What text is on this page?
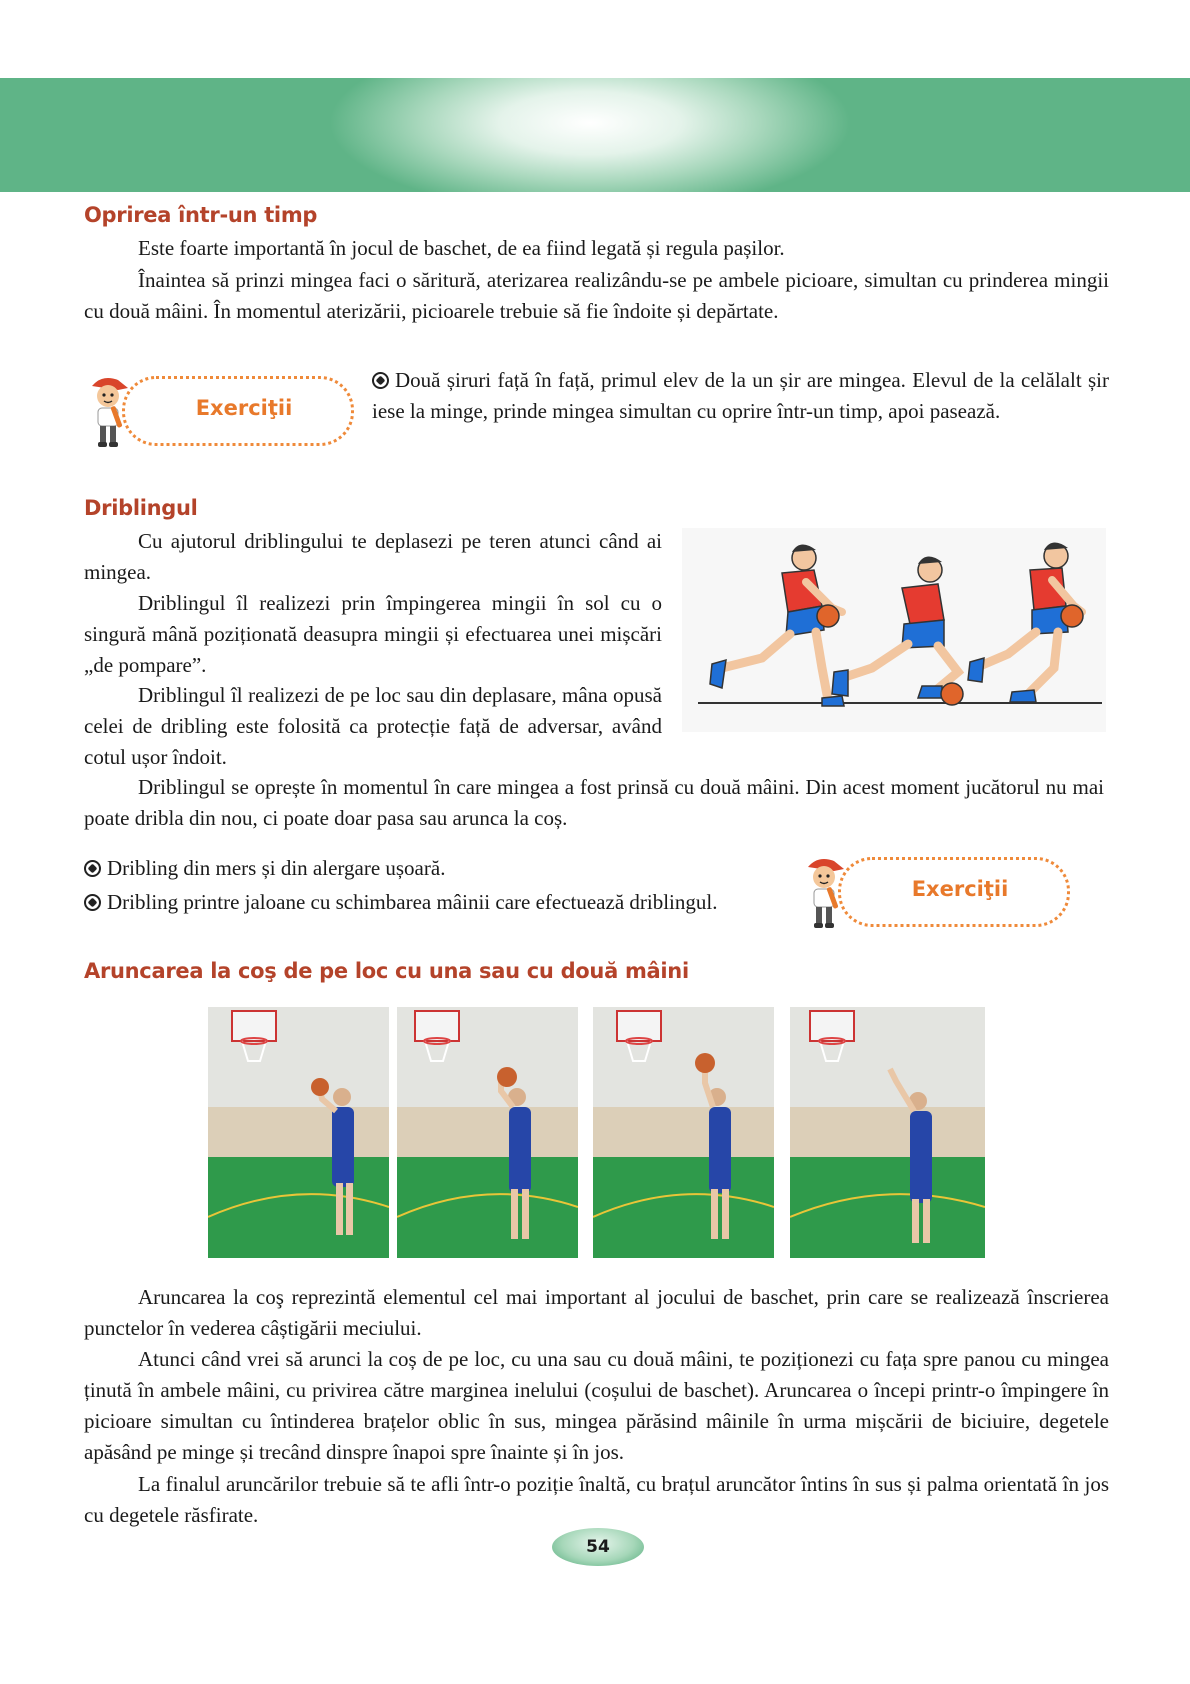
Oprirea într-un timp

Este foarte importantă în jocul de baschet, de ea fiind legată și regula pașilor.

Înaintea să prinzi mingea faci o săritură, aterizarea realizându-se pe ambele picioare, simultan cu prinderea mingii cu două mâini. În momentul aterizării, picioarele trebuie să fie îndoite și depărtate.

Exerciţii

Două șiruri față în față, primul elev de la un șir are mingea. Elevul de la celălalt șir iese la minge, prinde mingea simultan cu oprire într-un timp, apoi pasează.

Driblingul

Cu ajutorul driblingului te deplasezi pe teren atunci când ai mingea.

Driblingul îl realizezi prin împingerea mingii în sol cu o singură mână poziționată deasupra mingii și efectuarea unei mișcări „de pompare”.

Driblingul îl realizezi de pe loc sau din deplasare, mâna opusă celei de dribling este folosită ca protecție față de adversar, având cotul ușor îndoit.

Driblingul se oprește în momentul în care mingea a fost prinsă cu două mâini. Din acest moment jucătorul nu mai poate dribla din nou, ci poate doar pasa sau arunca la coș.

Dribling din mers și din alergare ușoară.

Dribling printre jaloane cu schimbarea mâinii care efectuează driblingul.

Exerciţii
Aruncarea la coş de pe loc cu una sau cu două mâini

Aruncarea la coş reprezintă elementul cel mai important al jocului de baschet, prin care se realizează înscrierea punctelor în vederea câștigării meciului.

Atunci când vrei să arunci la coș de pe loc, cu una sau cu două mâini, te poziționezi cu fața spre panou cu mingea ținută în ambele mâini, cu privirea către marginea inelului (coșului de baschet). Aruncarea o începi printr-o împingere în picioare simultan cu întinderea brațelor oblic în sus, mingea părăsind mâinile în urma mișcării de biciuire, degetele apăsând pe minge și trecând dinspre înapoi spre înainte și în jos.

La finalul aruncărilor trebuie să te afli într-o poziție înaltă, cu brațul aruncător întins în sus și palma orientată în jos cu degetele răsfirate.

54
